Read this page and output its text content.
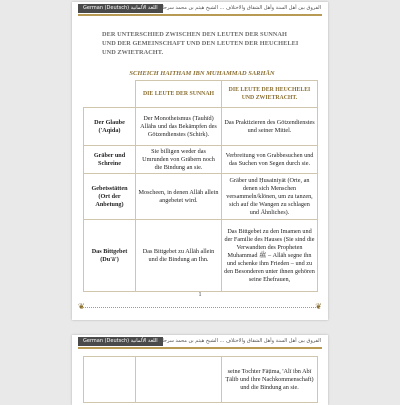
German (Deutsch) اللغة الألمانية الفروق بين أهل السنة وأهل الشقاق والاختلاف ... الشيخ هيثم بن محمد سرحان
DER UNTERSCHIED ZWISCHEN DEN LEUTEN DER SUNNAH UND DER GEMEINSCHAFT UND DEN LEUTEN DER HEUCHELEI UND ZWIETRACHT.
SCHEICH HAITHAM IBN MUHAMMAD SARHĀN
	DIE LEUTE DER SUNNAH	DIE LEUTE DER HEUCHELEI UND ZWIETRACHT.
Der Glaube ('Aqida)	Der Monotheismus (Tauhīd) Allāhs und das Bekämpfen des Götzendienstes (Schirk).	Das Praktizieren des Götzendienstes und seiner Mittel.
Gräber und Schreine	Sie billigen weder das Umrunden von Gräbern noch die Bindung an sie.	Verbreitung von Grabbesuchen und das Suchen von Segen durch sie.
Gebetsstätten (Ort der Anbetung)	Moscheen, in denen Allāh allein angebetet wird.	Gräber und Ḥusainiyāt (Orte, an denen sich Menschen versammeln/klönen, um zu tanzen, sich auf die Wangen zu schlagen und Ähnliches).
Das Bittgebet (Du'ā')	Das Bittgebet zu Allāh allein und die Bindung an Ihn.	Das Bittgebet zu den Imamen und der Familie des Hauses (Sie sind die Verwandten des Propheten Muhammad ﷺ – Allāh segne ihn und schenke ihm Frieden – und zu den Besonderen unter ihnen gehören seine Ehefrauen,
1
❦	❦
German (Deutsch) اللغة الألمانية الفروق بين أهل السنة وأهل الشقاق والاختلاف ... الشيخ هيثم بن محمد سرحان
		seine Tochter Fāṭima, 'Alī ibn Abī Ṭālib und ihre Nachkommenschaft) und die Bindung an sie.
